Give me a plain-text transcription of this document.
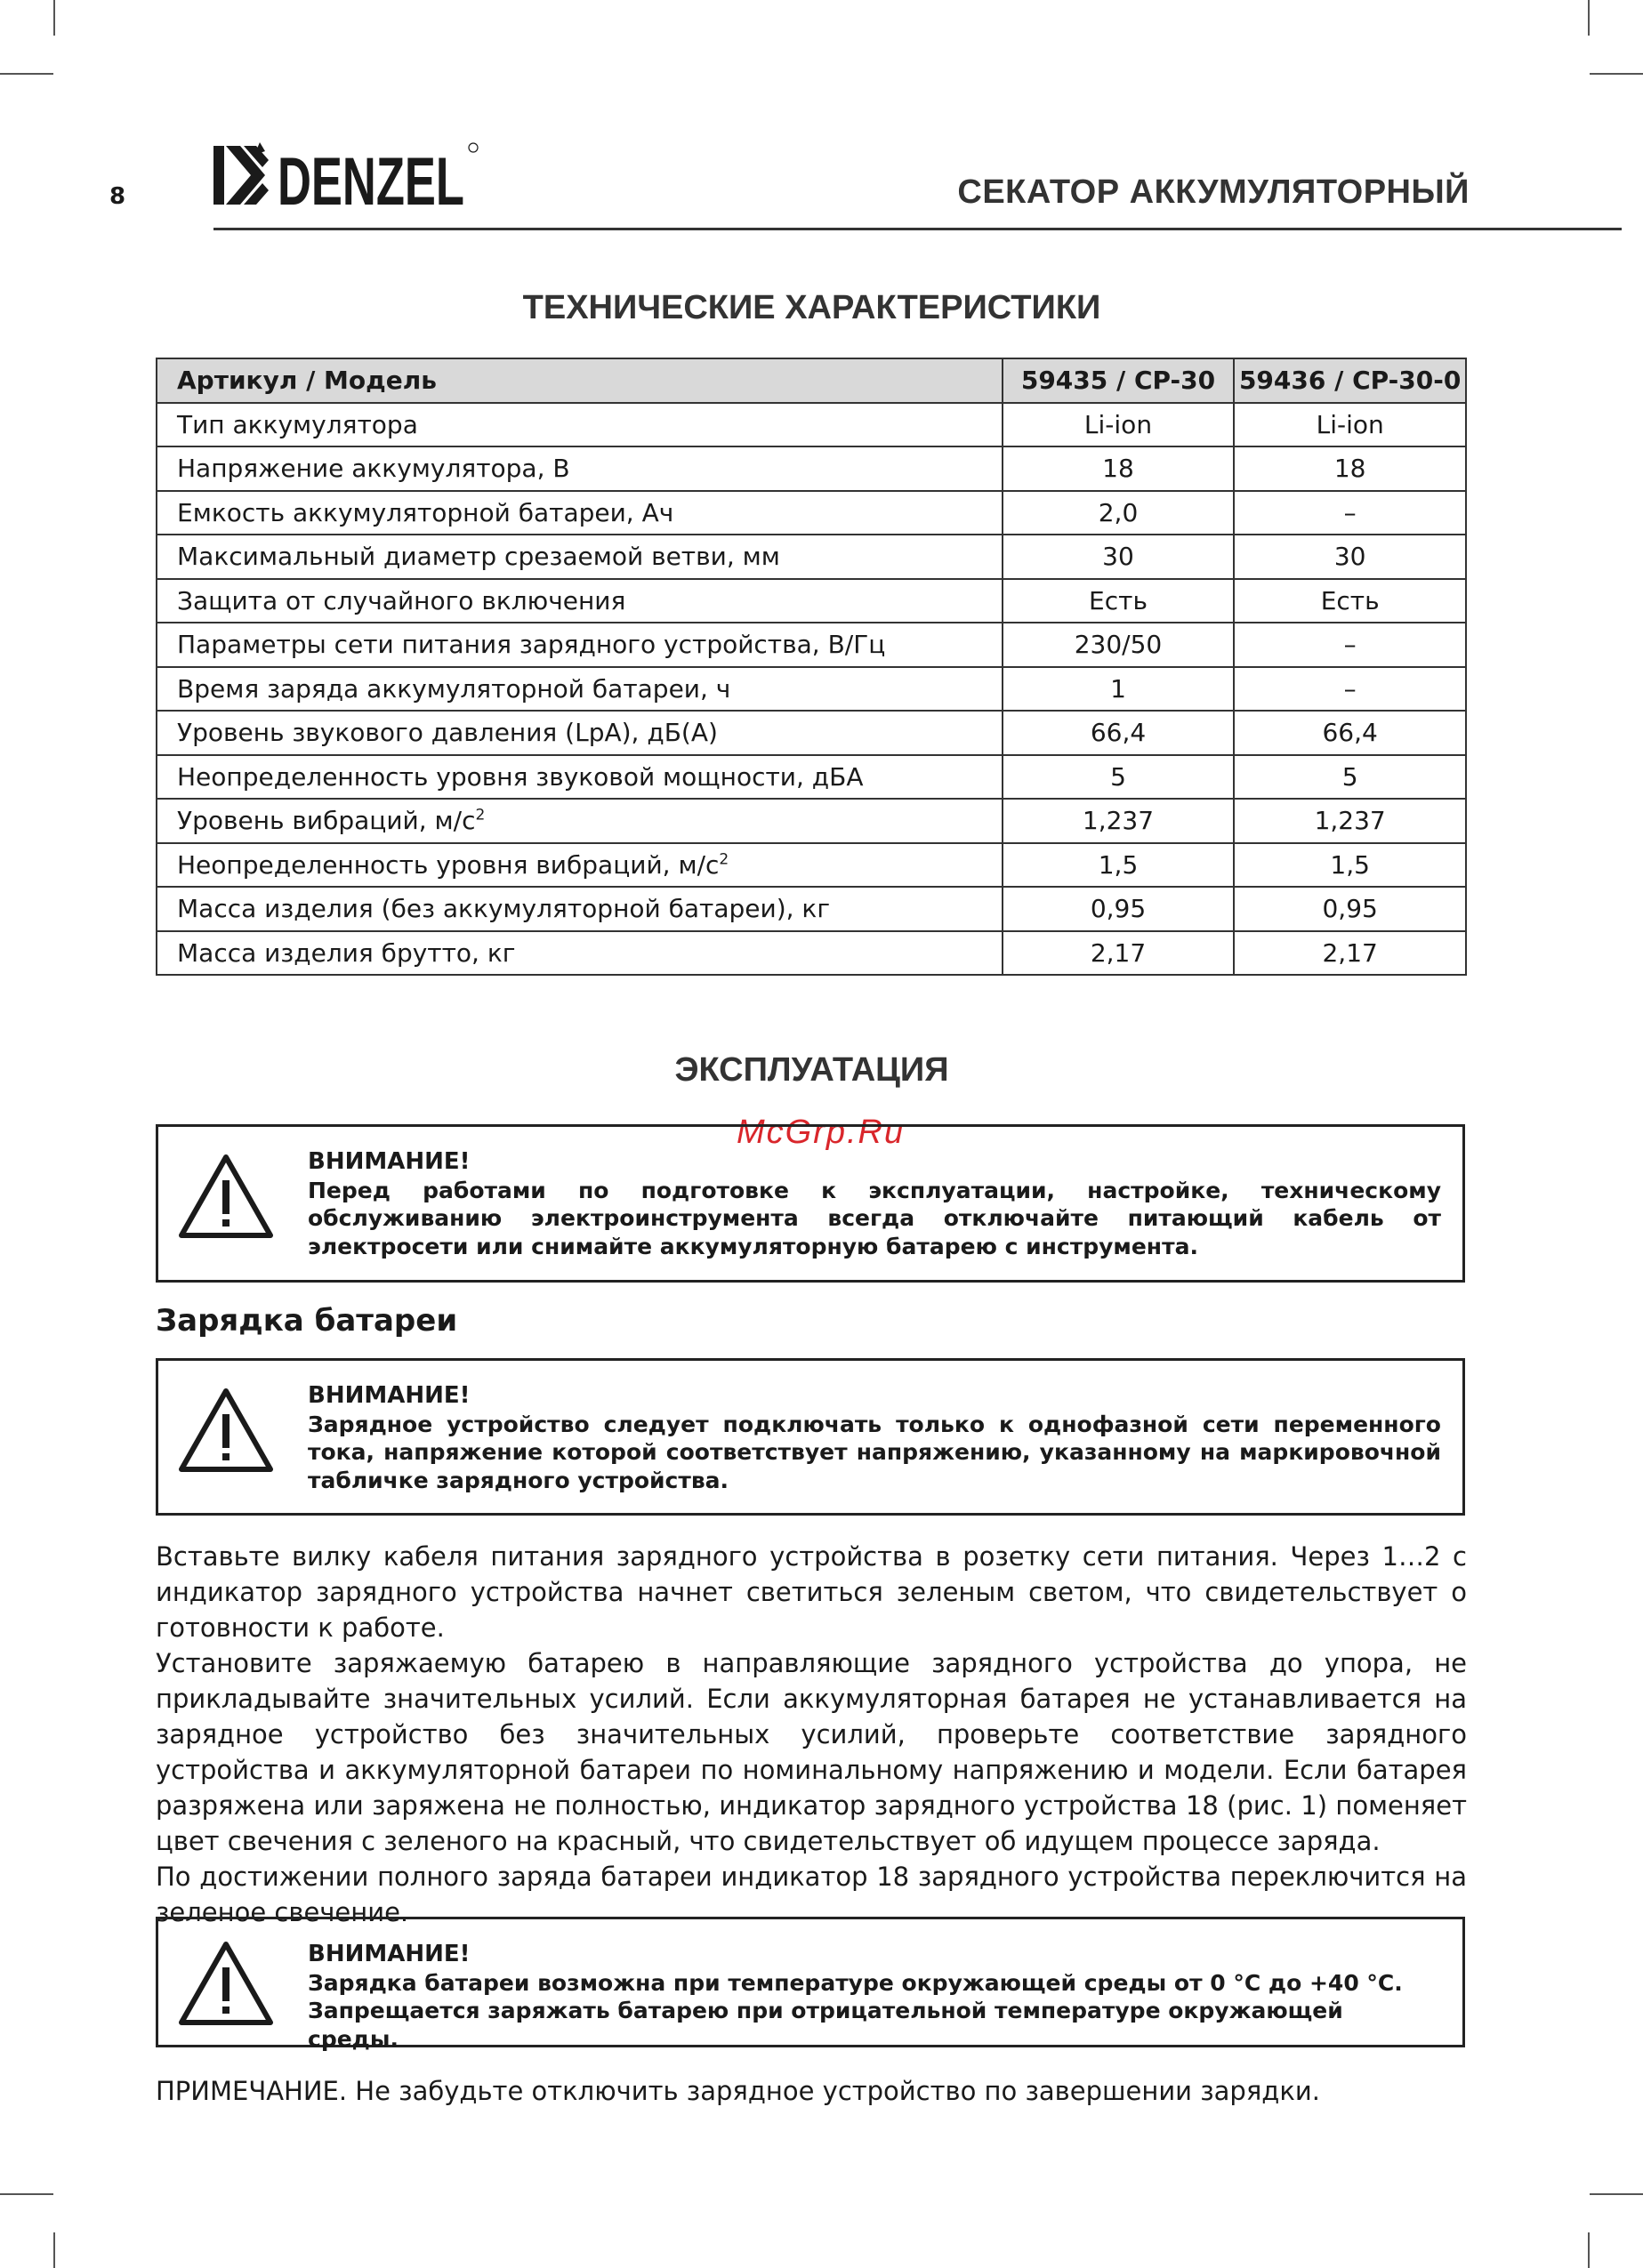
8 DENZEL	СЕКАТОР АККУМУЛЯТОРНЫЙ
ТЕХНИЧЕСКИЕ ХАРАКТЕРИСТИКИ
Артикул / Модель	59435 / CP-30	59436 / CP-30-0
Тип аккумулятора	Li-ion	Li-ion
Напряжение аккумулятора, В	18	18
Емкость аккумуляторной батареи, Ач	2,0	–
Максимальный диаметр срезаемой ветви, мм	30	30
Защита от случайного включения	Есть	Есть
Параметры сети питания зарядного устройства, В/Гц	230/50	–
Время заряда аккумуляторной батареи, ч	1	–
Уровень звукового давления (LpA), дБ(А)	66,4	66,4
Неопределенность уровня звуковой мощности, дБА	5	5
Уровень вибраций, $м/с^2$	1,237	1,237
Неопределенность уровня вибраций, $м/с^2$	1,5	1,5
Масса изделия (без аккумуляторной батареи), кг	0,95	0,95
Масса изделия брутто, кг	2,17	2,17
ЭКСПЛУАТАЦИЯ
McGrp.Ru
ВНИМАНИЕ!
Перед работами по подготовке к эксплуатации, настройке, техническому обслуживанию электроинструмента всегда отключайте питающий кабель от электросети или снимайте аккумуляторную батарею с инструмента.
Зарядка батареи
ВНИМАНИЕ!
Зарядное устройство следует подключать только к однофазной сети переменного тока, напряжение которой соответствует напряжению, указанному на маркировочной табличке зарядного устройства.

Вставьте вилку кабеля питания зарядного устройства в розетку сети питания. Через 1…2 с индикатор зарядного устройства начнет светиться зеленым светом, что свидетельствует о готовности к работе.

Установите заряжаемую батарею в направляющие зарядного устройства до упора, не прикладывайте значительных усилий. Если аккумуляторная батарея не устанавливается на зарядное устройство без значительных усилий, проверьте соответствие зарядного устройства и аккумуляторной батареи по номинальному напряжению и модели. Если батарея разряжена или заряжена не полностью, индикатор зарядного устройства 18 (рис. 1) поменяет цвет свечения с зеленого на красный, что свидетельствует об идущем процессе заряда.

По достижении полного заряда батареи индикатор 18 зарядного устройства переключится на зеленое свечение.

ВНИМАНИЕ!
Зарядка батареи возможна при температуре окружающей среды от 0 °С до +40 °С.
Запрещается заряжать батарею при отрицательной температуре окружающей среды.
ПРИМЕЧАНИЕ. Не забудьте отключить зарядное устройство по завершении зарядки.
